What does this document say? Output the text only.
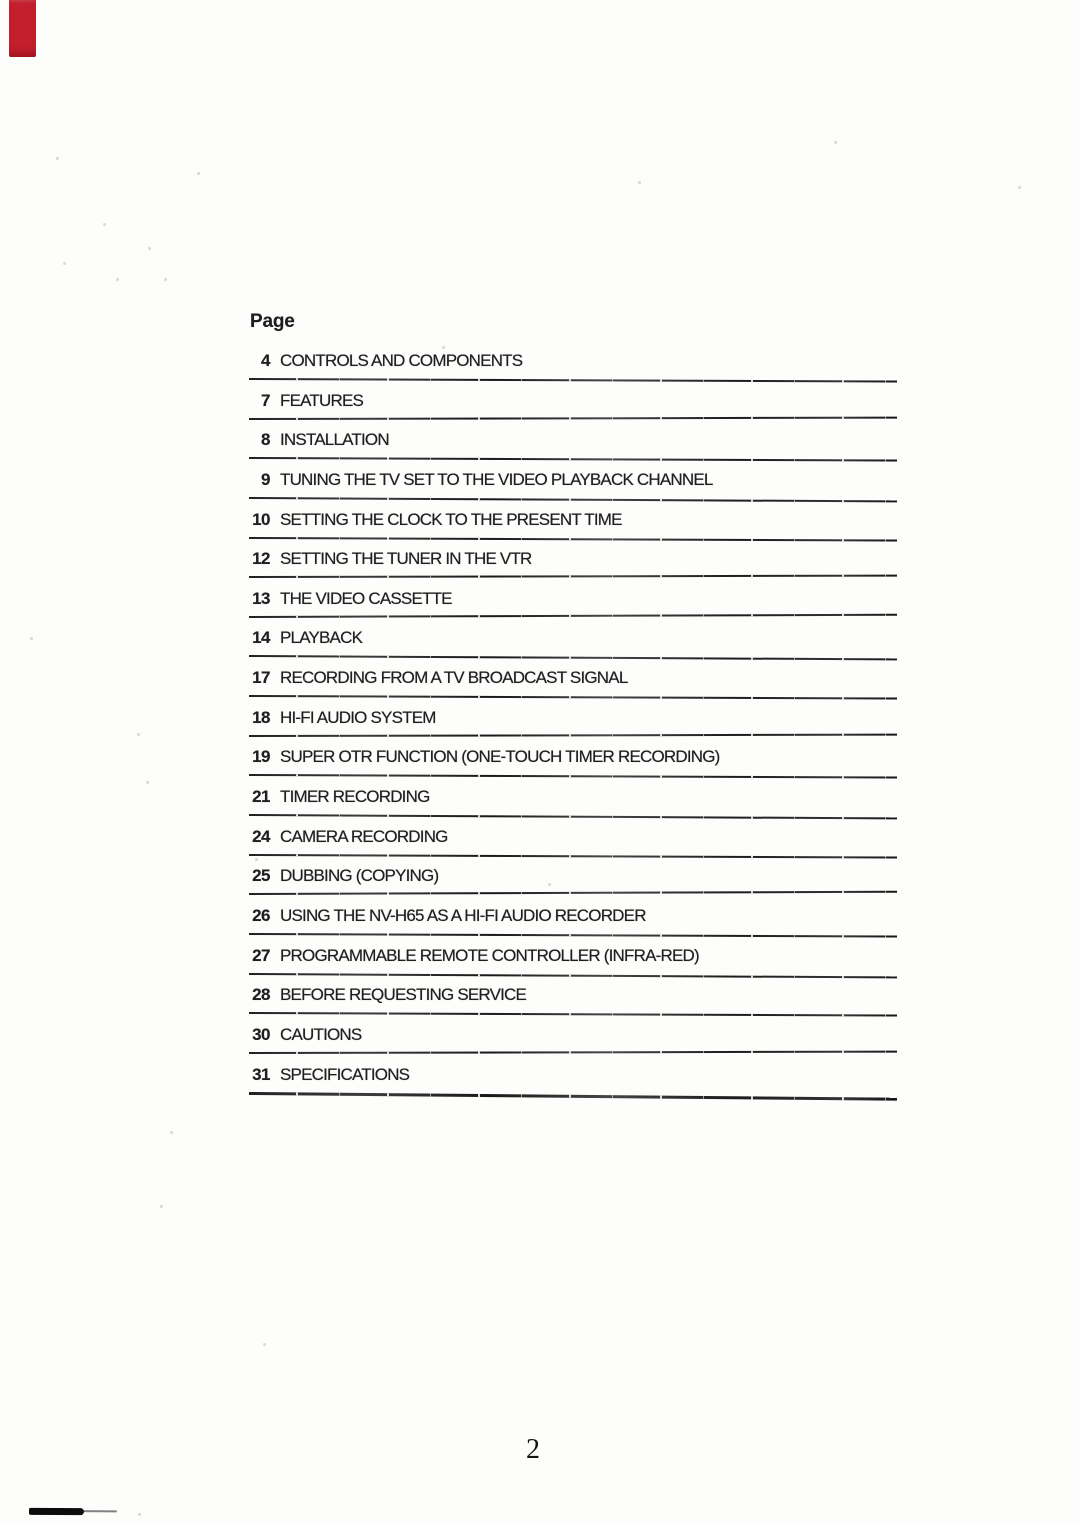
Page
4 CONTROLS AND COMPONENTS
7 FEATURES
8 INSTALLATION
9 TUNING THE TV SET TO THE VIDEO PLAYBACK CHANNEL
10 SETTING THE CLOCK TO THE PRESENT TIME
12 SETTING THE TUNER IN THE VTR
13 THE VIDEO CASSETTE
14 PLAYBACK
17 RECORDING FROM A TV BROADCAST SIGNAL
18 HI-FI AUDIO SYSTEM
19 SUPER OTR FUNCTION (ONE-TOUCH TIMER RECORDING)
21 TIMER RECORDING
24 CAMERA RECORDING
25 DUBBING (COPYING)
26 USING THE NV-H65 AS A HI-FI AUDIO RECORDER
27 PROGRAMMABLE REMOTE CONTROLLER (INFRA-RED)
28 BEFORE REQUESTING SERVICE
30 CAUTIONS
31 SPECIFICATIONS
2
